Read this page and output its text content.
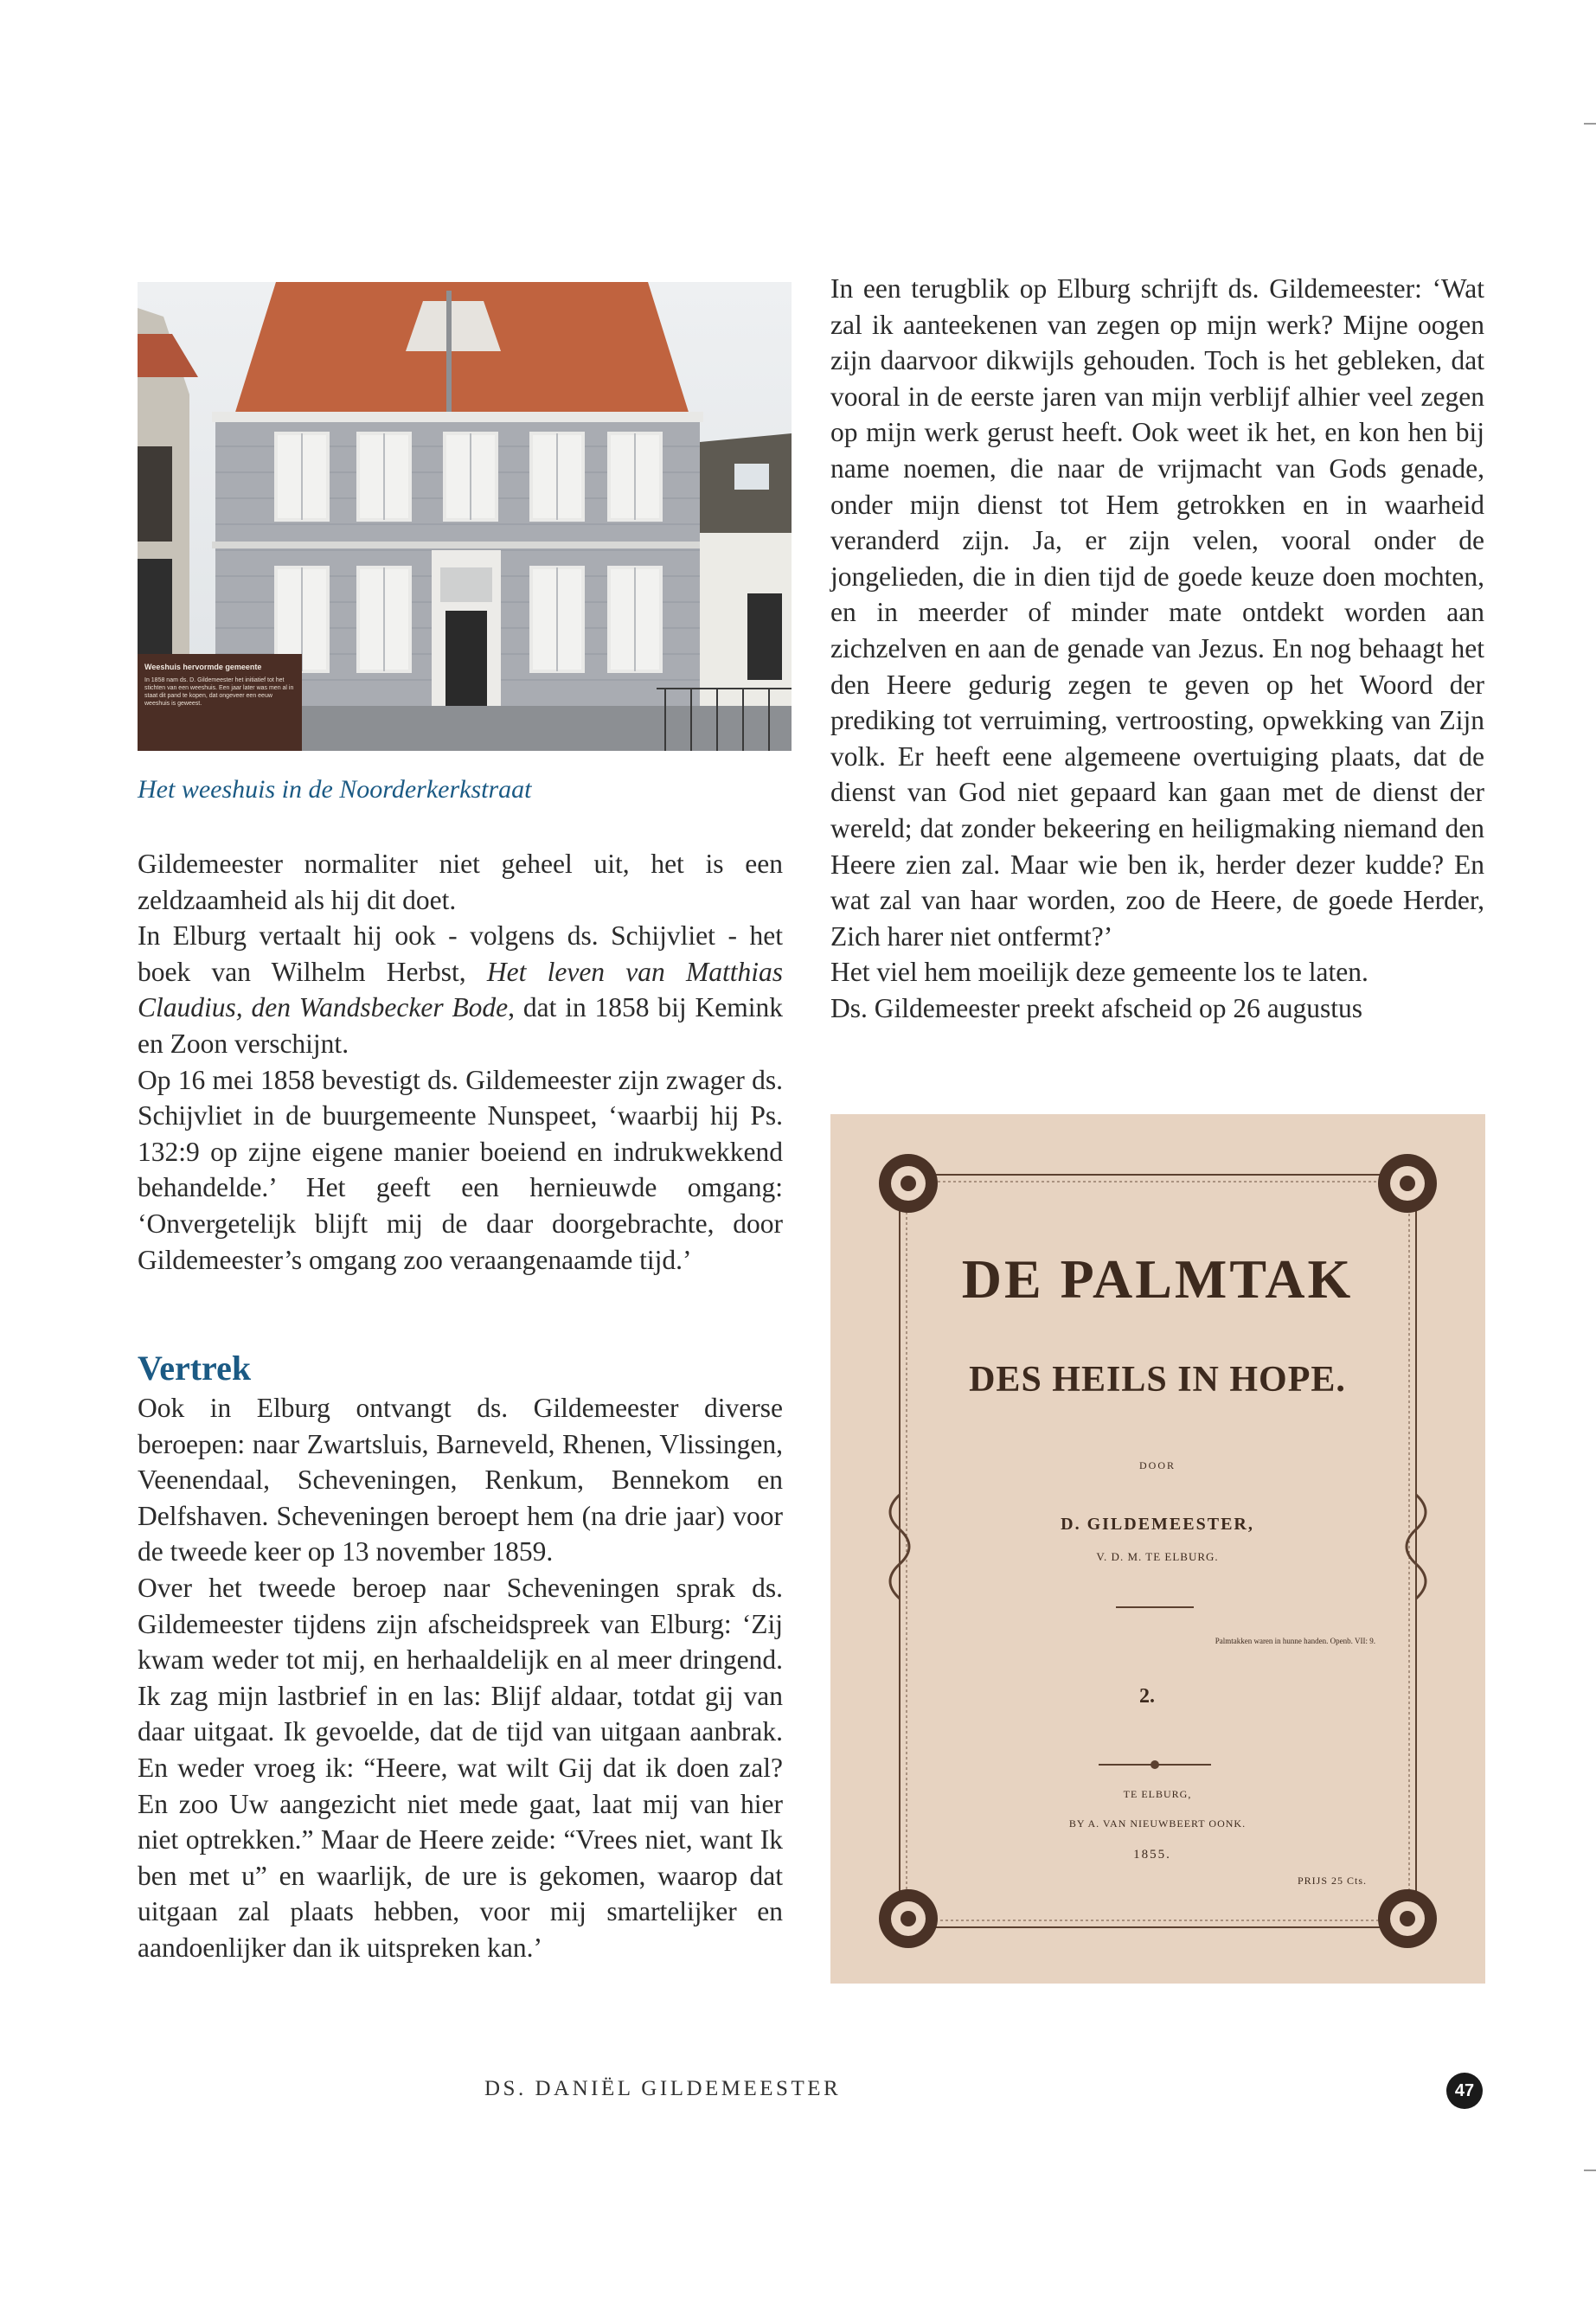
Weeshuis hervormde gemeente
In 1858 nam ds. D. Gildemeester het initiatief tot het stichten van een weeshuis. Een jaar later was men al in staat dit pand te kopen, dat ongeveer een eeuw weeshuis is geweest.
Het weeshuis in de Noorderkerkstraat

Gildemeester normaliter niet geheel uit, het is een zeldzaamheid als hij dit doet.

In Elburg vertaalt hij ook - volgens ds. Schijvliet - het boek van Wilhelm Herbst, Het leven van Matthias Claudius, den Wandsbecker Bode, dat in 1858 bij Kemink en Zoon verschijnt.

Op 16 mei 1858 bevestigt ds. Gildemeester zijn zwager ds. Schijvliet in de buurgemeente Nunspeet, ‘waarbij hij Ps. 132:9 op zijne eigene manier boeiend en indrukwekkend behandelde.’ Het geeft een hernieuwde omgang: ‘Onvergetelijk blijft mij de daar doorgebrachte, door Gildemeester’s omgang zoo veraangenaamde tijd.’

Vertrek

Ook in Elburg ontvangt ds. Gildemeester diverse beroepen: naar Zwartsluis, Barneveld, Rhenen, Vlissingen, Veenendaal, Scheveningen, Renkum, Bennekom en Delfshaven. Scheveningen beroept hem (na drie jaar) voor de tweede keer op 13 november 1859.

Over het tweede beroep naar Scheveningen sprak ds. Gildemeester tijdens zijn afscheidspreek van Elburg: ‘Zij kwam weder tot mij, en herhaaldelijk en al meer dringend. Ik zag mijn lastbrief in en las: Blijf aldaar, totdat gij van daar uitgaat. Ik gevoelde, dat de tijd van uitgaan aanbrak. En weder vroeg ik: “Heere, wat wilt Gij dat ik doen zal? En zoo Uw aangezicht niet mede gaat, laat mij van hier niet optrekken.” Maar de Heere zeide: “Vrees niet, want Ik ben met u” en waarlijk, de ure is gekomen, waarop dat uitgaan zal plaats hebben, voor mij smartelijker en aandoenlijker dan ik uitspreken kan.’

In een terugblik op Elburg schrijft ds. Gildemeester: ‘Wat zal ik aanteekenen van zegen op mijn werk? Mijne oogen zijn daarvoor dikwijls gehouden. Toch is het gebleken, dat vooral in de eerste jaren van mijn verblijf alhier veel zegen op mijn werk gerust heeft. Ook weet ik het, en kon hen bij name noemen, die naar de vrijmacht van Gods genade, onder mijn dienst tot Hem getrokken en in waarheid veranderd zijn. Ja, er zijn velen, vooral onder de jongelieden, die in dien tijd de goede keuze doen mochten, en in meerder of minder mate ontdekt worden aan zichzelven en aan de genade van Jezus. En nog behaagt het den Heere gedurig zegen te geven op het Woord der prediking tot verruiming, vertroosting, opwekking van Zijn volk. Er heeft eene algemeene overtuiging plaats, dat de dienst van God niet gepaard kan gaan met de dienst der wereld; dat zonder bekeering en heiligmaking niemand den Heere zien zal. Maar wie ben ik, herder dezer kudde? En wat zal van haar worden, zoo de Heere, de goede Herder, Zich harer niet ontfermt?’

Het viel hem moeilijk deze gemeente los te laten.

Ds. Gildemeester preekt afscheid op 26 augustus

DE PALMTAK
DES HEILS IN HOPE.
DOOR
D. GILDEMEESTER,
V. D. M. TE ELBURG.
Palmtakken waren in hunne handen. Openb. VII: 9.
2.
TE ELBURG,
BY A. VAN NIEUWBEERT OONK.
1855.
PRIJS 25 Cts.
DS. DANIËL GILDEMEESTER	47
